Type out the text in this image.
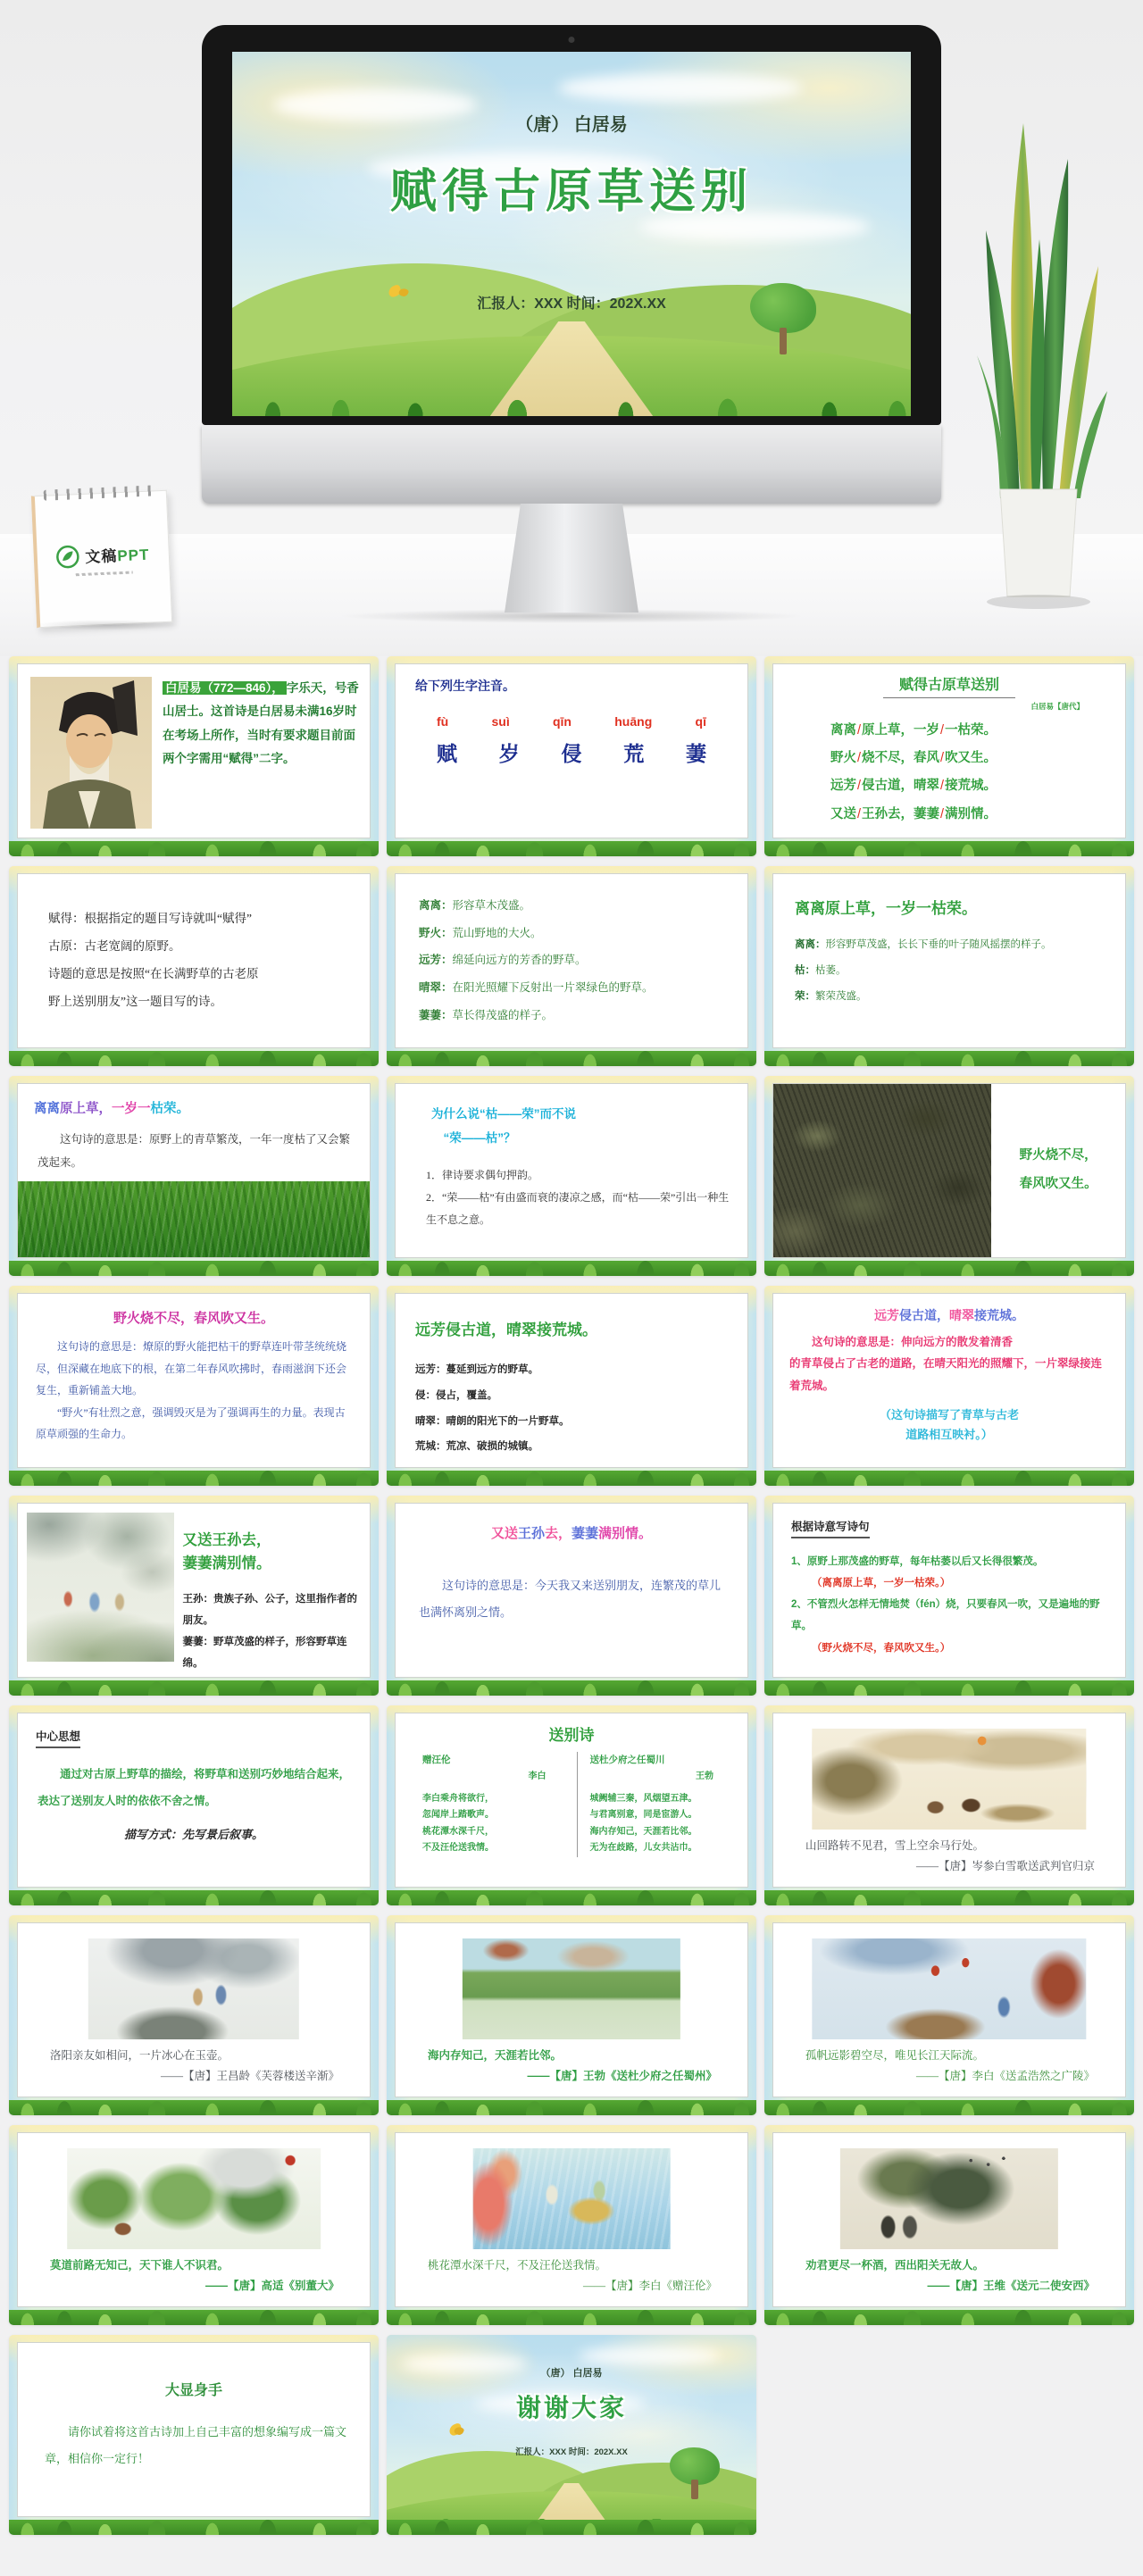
（唐） 白居易
赋得古原草送别
汇报人：XXX 时间：202X.XX
文稿PPT
白居易（772—846）， 字乐天，号香山居士。这首诗是白居易未满16岁时在考场上所作，当时有要求题目前面两个字需用“赋得”二字。
给下列生字注音。
fù	suì	qīn	huāng	qī
赋 岁 侵 荒 萋
赋得古原草送别
白居易【唐代】
离离/原上草，一岁/一枯荣。
野火/烧不尽，春风/吹又生。
远芳/侵古道，晴翠/接荒城。
又送/王孙去，萋萋/满别情。
赋得：根据指定的题目写诗就叫“赋得”
古原：古老宽阔的原野。
诗题的意思是按照“在长满野草的古老原
野上送别朋友”这一题目写的诗。
离离：形容草木茂盛。
野火：荒山野地的大火。
远芳：绵延向远方的芳香的野草。
晴翠：在阳光照耀下反射出一片翠绿色的野草。
萋萋：草长得茂盛的样子。
离离原上草，一岁一枯荣。
离离：形容野草茂盛，长长下垂的叶子随风摇摆的样子。
枯：枯萎。
荣：繁荣茂盛。
离离原上草，一岁一枯荣。
这句诗的意思是：原野上的青草繁茂，一年一度枯了又会繁茂起来。
为什么说“枯——荣”而不说
“荣——枯”？
1．律诗要求偶句押韵。
2．“荣——枯”有由盛而衰的凄凉之感，而“枯——荣”引出一种生生不息之意。
野火烧不尽，
春风吹又生。
野火烧不尽，春风吹又生。

这句诗的意思是：燎原的野火能把枯干的野草连叶带茎统统烧尽，但深藏在地底下的根，在第二年春风吹拂时，春雨滋润下还会复生，重新铺盖大地。

“野火”有壮烈之意，强调毁灭是为了强调再生的力量。表现古原草顽强的生命力。

远芳侵古道，晴翠接荒城。
远芳：蔓延到远方的野草。
侵：侵占，覆盖。
晴翠：晴朗的阳光下的一片野草。
荒城：荒凉、破损的城镇。
远芳侵古道，晴翠接荒城。
这句诗的意思是：伸向远方的散发着清香
的青草侵占了古老的道路，在晴天阳光的照耀下，一片翠绿接连着荒城。
（这句诗描写了青草与古老
道路相互映衬。）
又送王孙去，
萋萋满别情。
王孙：贵族子孙、公子，这里指作者的朋友。
萋萋：野草茂盛的样子，形容野草连绵。
又送王孙去，萋萋满别情。
这句诗的意思是：今天我又来送别朋友，连繁茂的草儿也满怀离别之情。
根据诗意写诗句
1、原野上那茂盛的野草，每年枯萎以后又长得很繁茂。
（离离原上草，一岁一枯荣。）
2、不管烈火怎样无情地焚（fén）烧，只要春风一吹，又是遍地的野草。
（野火烧不尽，春风吹又生。）
中心思想
通过对古原上野草的描绘，将野草和送别巧妙地结合起来，表达了送别友人时的依依不舍之情。
描写方式：先写景后叙事。
送别诗
赠汪伦
李白
李白乘舟将欲行，
忽闻岸上踏歌声。
桃花潭水深千尺，
不及汪伦送我情。
送杜少府之任蜀川
王勃
城阙辅三秦，风烟望五津。
与君离别意，同是宦游人。
海内存知己，天涯若比邻。
无为在歧路，儿女共沾巾。	山回路转不见君，雪上空余马行处。
——【唐】岑参白雪歌送武判官归京
洛阳亲友如相问，一片冰心在玉壶。
——【唐】王昌龄《芙蓉楼送辛渐》
海内存知己，天涯若比邻。
——【唐】王勃《送杜少府之任蜀州》
孤帆远影碧空尽，唯见长江天际流。
——【唐】李白《送孟浩然之广陵》
莫道前路无知己，天下谁人不识君。
——【唐】高适《别董大》
桃花潭水深千尺，不及汪伦送我情。
——【唐】李白《赠汪伦》
劝君更尽一杯酒，西出阳关无故人。
——【唐】王维《送元二使安西》
大显身手
请你试着将这首古诗加上自己丰富的想象编写成一篇文章，相信你一定行！
（唐） 白居易
谢谢大家
汇报人：XXX 时间：202X.XX
